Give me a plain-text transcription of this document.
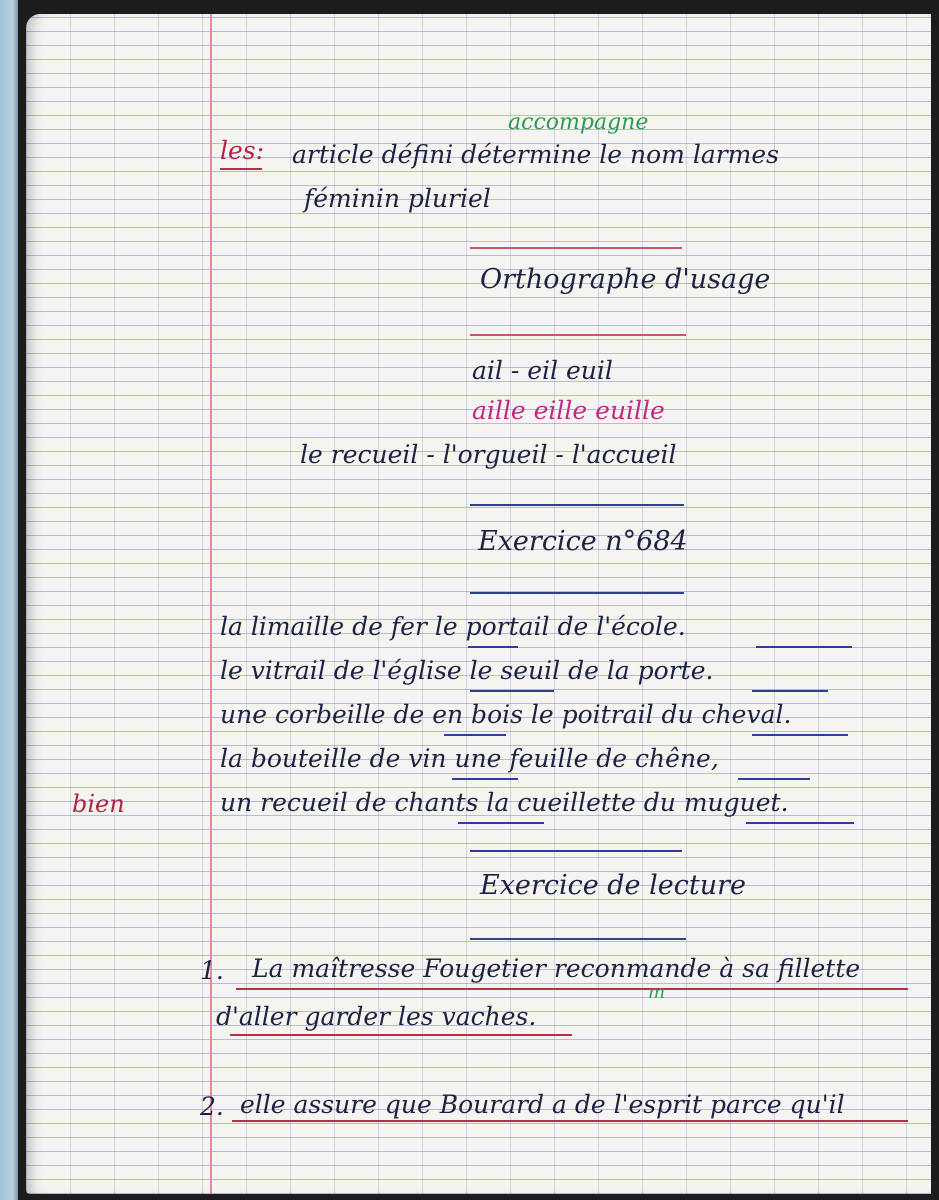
les:
accompagne
article défini détermine le nom larmes
féminin pluriel
Orthographe d'usage
ail - eil euil
aille eille euille
le recueil - l'orgueil - l'accueil
Exercice n°684
la limaille de fer le portail de l'école.
le vitrail de l'église le seuil de la porte.
une corbeille de en bois le poitrail du cheval.
la bouteille de vin une feuille de chêne,
un recueil de chants la cueillette du muguet.
bien
Exercice de lecture
1. La maîtresse Fougetier reconmande à sa fillette
m
d'aller garder les vaches.
2. elle assure que Bourard a de l'esprit parce qu'il
